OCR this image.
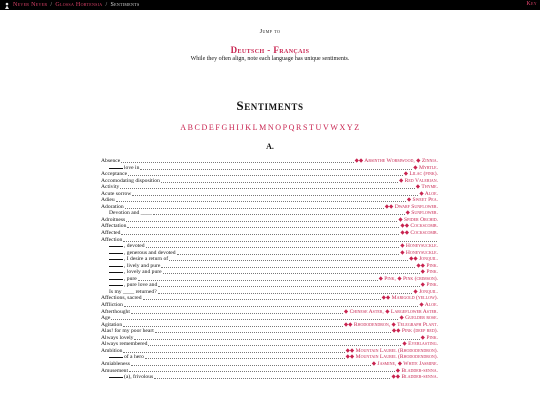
Never Never / Glossa Hortensia / Sentiments	Key
Jump to
Deutsch - Français
While they often align, note each language has unique sentiments.
Sentiments
ABCDEFGHIJKLMNOPQRSTUVWXYZ
A.
Absence	◆◆ Absinthe Wormwood, ◆ Zinnia.
love in	◆ Myrtle.
Acceptance	◆ Lilac (pink).
Accomodating disposition	◆ Red Valerian.
Activity	◆ Thyme.
Acute sorrow	◆ Aloe.
Adieu	◆ Sweet Pea.
Adoration	◆◆ Dwarf Sunflower.
Devotion and ____	◆ Sunflower.
Adroitness	◆ Spider Orchid.
Affectation	◆◆ Cockscomb.
Affected	◆◆ Cockscomb.
Affection
, devoted	◆ Honeysuckle.
, generous and devoted	◆ Honeysuckle.
, I desire a return of	◆◆ Jonquil.
, lively and pure	◆◆ Pink.
, lovely and pure	◆ Pink.
, pure	◆ Pink, ◆ Pink (crimson).
, pure love and	◆ Pink.
Is my ____ returned?	◆ Jonquil.
Affections, sacred	◆◆ Marigold (yellow).
Affliction	◆ Aloe.
Afterthought	◆ Chinese Aster, ◆ Largeflower Aster.
Age	◆ Guelder rose.
Agitation	◆◆ Rhododendron, ◆ Telegraph Plant.
Alas! for my poor heart	◆◆ Pink (deep red).
Always lovely	◆ Pink.
Always remembered	◆ Everlasting.
Ambition	◆◆ Mountain Laurel (Rhododendron).
of a hero	◆◆ Mountain Laurel (Rhododendron).
Amiableness	◆ Jasmine, ◆ White Jasmine.
Amusement	◆ Bladder-senna.
(a), frivolous	◆◆ Bladder-senna.
